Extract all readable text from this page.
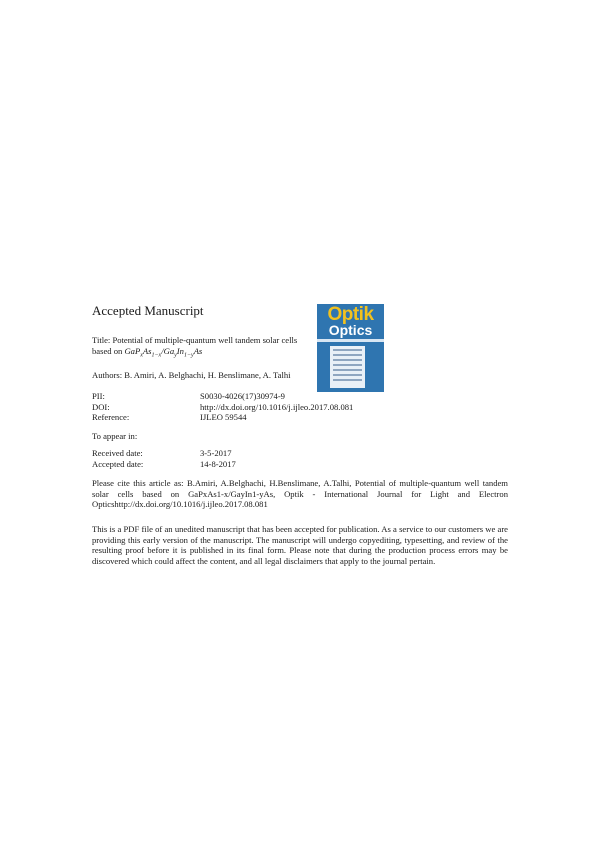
Accepted Manuscript	Optik
Optics
Title: Potential of multiple-quantum well tandem solar cells based on $GaP_xAs_{1-x}/Ga_yIn_{1-y}As$
Authors: B. Amiri, A. Belghachi, H. Benslimane, A. Talhi
PII:	S0030-4026(17)30974-9
DOI:	http://dx.doi.org/10.1016/j.ijleo.2017.08.081
Reference:	IJLEO 59544
To appear in:
Received date:	3-5-2017
Accepted date:	14-8-2017
Please cite this article as: B.Amiri, A.Belghachi, H.Benslimane, A.Talhi, Potential of multiple-quantum well tandem solar cells based on GaPxAs1-x/GayIn1-yAs, Optik - International Journal for Light and Electron Opticshttp://dx.doi.org/10.1016/j.ijleo.2017.08.081
This is a PDF file of an unedited manuscript that has been accepted for publication. As a service to our customers we are providing this early version of the manuscript. The manuscript will undergo copyediting, typesetting, and review of the resulting proof before it is published in its final form. Please note that during the production process errors may be discovered which could affect the content, and all legal disclaimers that apply to the journal pertain.
